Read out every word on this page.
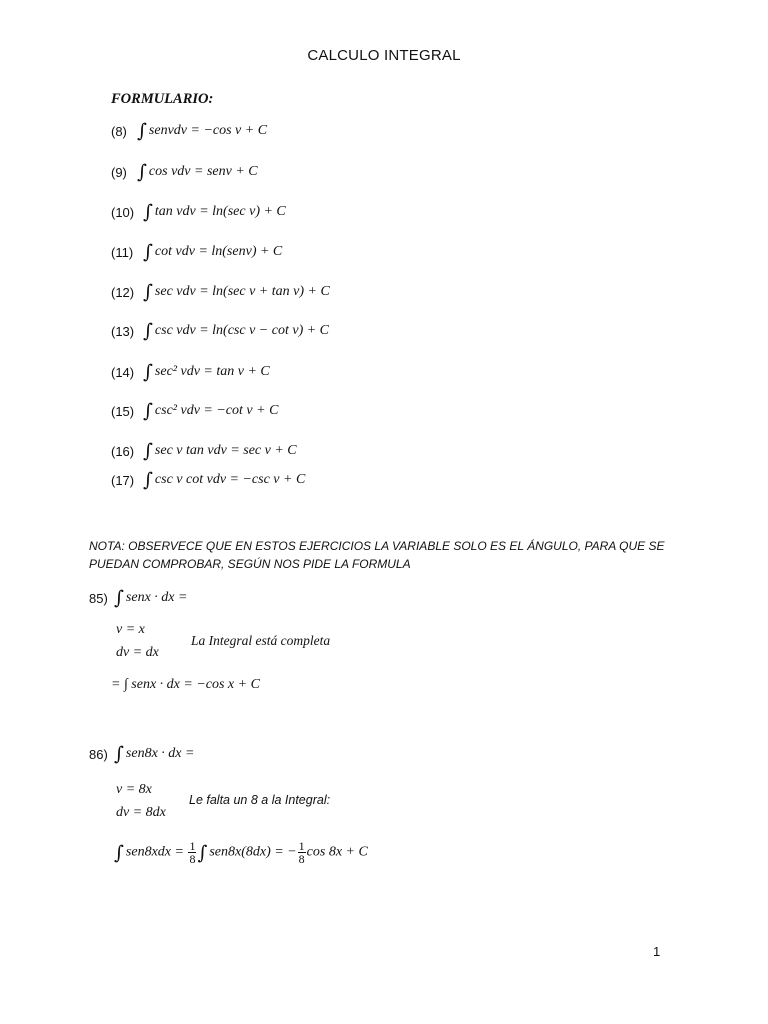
CALCULO INTEGRAL
FORMULARIO:
(8) ∫ senvdv = −cos v + C
(9) ∫ cos vdv = senv + C
(10) ∫ tan vdv = ln(sec v) + C
(11) ∫ cot vdv = ln(senv) + C
(12) ∫ sec vdv = ln(sec v + tan v) + C
(13) ∫ csc vdv = ln(csc v − cot v) + C
(14) ∫ sec² vdv = tan v + C
(15) ∫ csc² vdv = −cot v + C
(16) ∫ sec v tan vdv = sec v + C
(17) ∫ csc v cot vdv = −csc v + C
NOTA: OBSERVECE QUE EN ESTOS EJERCICIOS LA VARIABLE SOLO ES EL ÁNGULO, PARA QUE SE PUEDAN COMPROBAR, SEGÚN NOS PIDE LA FORMULA
85) ∫ senx · dx =
v = x
dv = dx
La Integral está completa
= ∫ senx · dx = −cos x + C
86) ∫ sen8x · dx =
v = 8x
dv = 8dx
Le falta un 8 a la Integral:
∫ $sen8xdx = \frac{1}{8}$ ∫ sen8x(8dx) = − $\frac{1}{8}$ cos 8x + C
1
